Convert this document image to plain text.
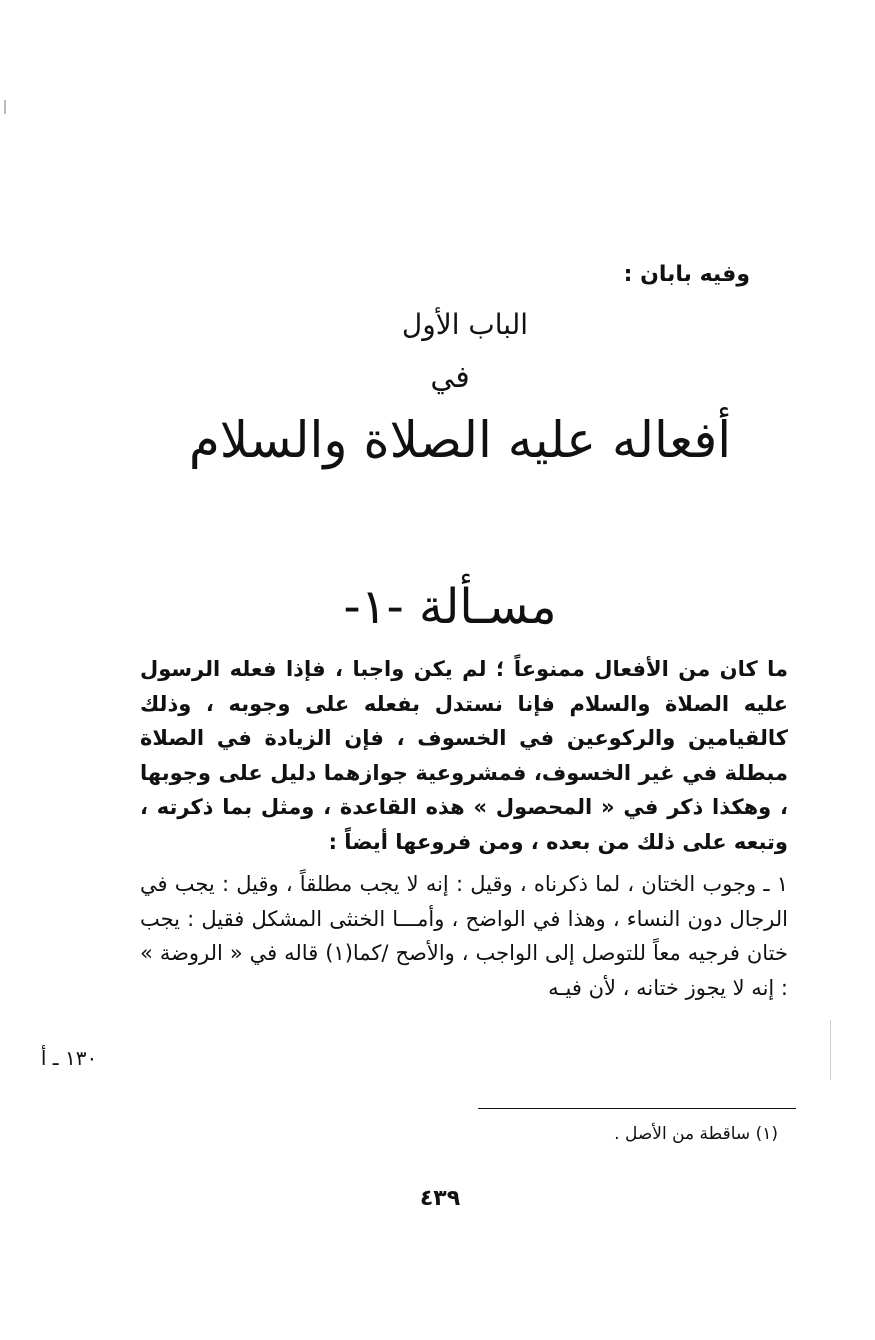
وفيه بابان :
الباب الأول
في
أفعاله عليه الصلاة والسلام
مسـألة -١-

ما كان من الأفعال ممنوعاً ؛ لم يكن واجبا ، فإذا فعله الرسول عليه الصلاة والسلام فإنا نستدل بفعله على وجوبه ، وذلك كالقيامين والركوعين في الخسوف ، فإن الزيادة في الصلاة مبطلة في غير الخسوف، فمشروعية جوازهما دليل على وجوبها ، وهكذا ذكر في « المحصول » هذه القاعدة ، ومثل بما ذكرته ، وتبعه على ذلك من بعده ، ومن فروعها أيضاً :

١ ـ وجوب الختان ، لما ذكرناه ، وقيل : إنه لا يجب مطلقاً ، وقيل : يجب في الرجال دون النساء ، وهذا في الواضح ، وأمـــا الخنثى المشكل فقيل : يجب ختان فرجيه معاً للتوصل إلى الواجب ، والأصح /كما(١) قاله في « الروضة » : إنه لا يجوز ختانه ، لأن فيـه

١٣٠ ـ أ
(١) ساقطة من الأصل .
٤٣٩
